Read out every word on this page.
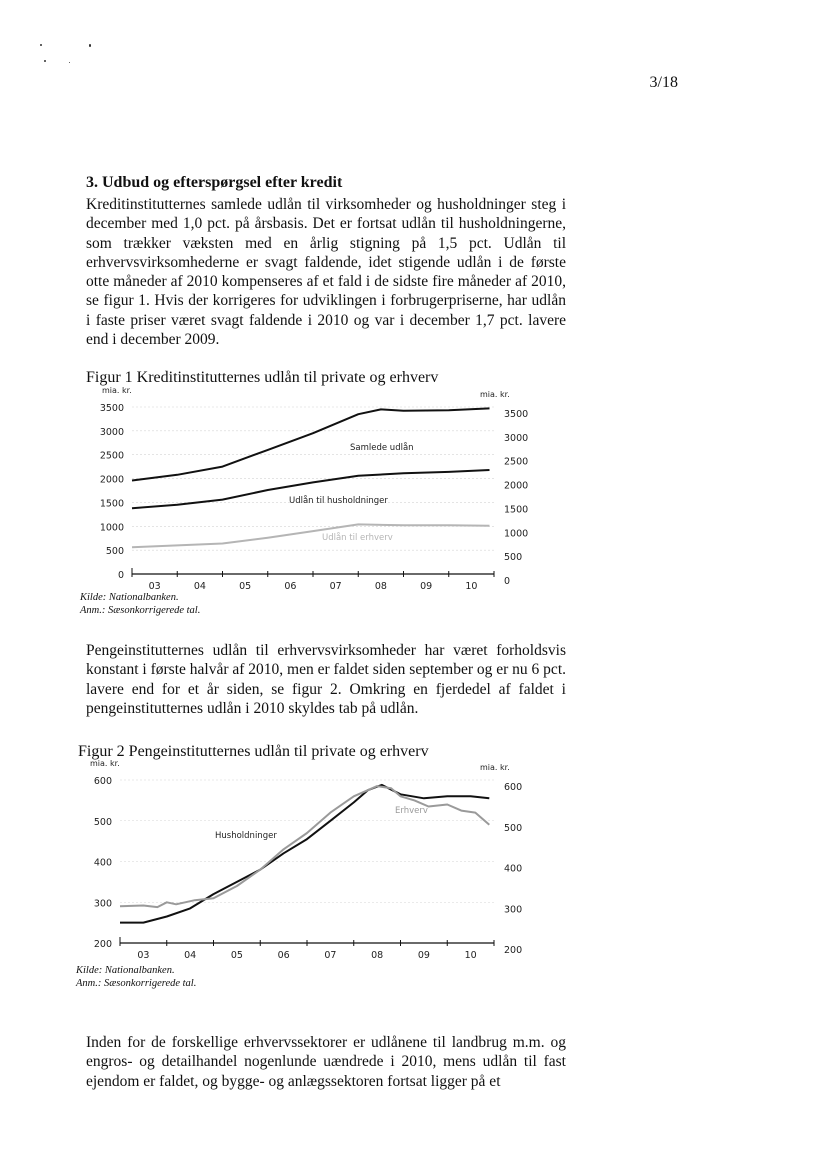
3/18
3. Udbud og efterspørgsel efter kredit
Kreditinstitutternes samlede udlån til virksomheder og husholdninger steg i december med 1,0 pct. på årsbasis. Det er fortsat udlån til husholdningerne, som trækker væksten med en årlig stigning på 1,5 pct. Udlån til erhvervsvirksomhederne er svagt faldende, idet stigende udlån i de første otte måneder af 2010 kompenseres af et fald i de sidste fire måneder af 2010, se figur 1. Hvis der korrigeres for udviklingen i forbrugerpriserne, har udlån i faste priser været svagt faldende i 2010 og var i december 1,7 pct. lavere end i december 2009.
Figur 1 Kreditinstitutternes udlån til private og erhverv
0
0
500
500
1000
1000
1500
1500
2000
2000
2500
2500
3000
3000
3500
3500
mia. kr.	mia. kr.
03	04	05	06	07	08	09	10
Samlede udlån
Udlån til husholdninger
Udlån til erhverv
Kilde: Nationalbanken.
Anm.: Sæsonkorrigerede tal.
Pengeinstitutternes udlån til erhvervsvirksomheder har været forholdsvis konstant i første halvår af 2010, men er faldet siden september og er nu 6 pct. lavere end for et år siden, se figur 2. Omkring en fjerdedel af faldet i pengeinstitutternes udlån i 2010 skyldes tab på udlån.
Figur 2 Pengeinstitutternes udlån til private og erhverv
200
200
300
300
400
400
500
500
600
600
mia. kr.	mia. kr.
03	04	05	06	07	08	09	10
Husholdninger
Erhverv
Kilde: Nationalbanken.
Anm.: Sæsonkorrigerede tal.
Inden for de forskellige erhvervssektorer er udlånene til landbrug m.m. og engros- og detailhandel nogenlunde uændrede i 2010, mens udlån til fast ejendom er faldet, og bygge- og anlægssektoren fortsat ligger på et
